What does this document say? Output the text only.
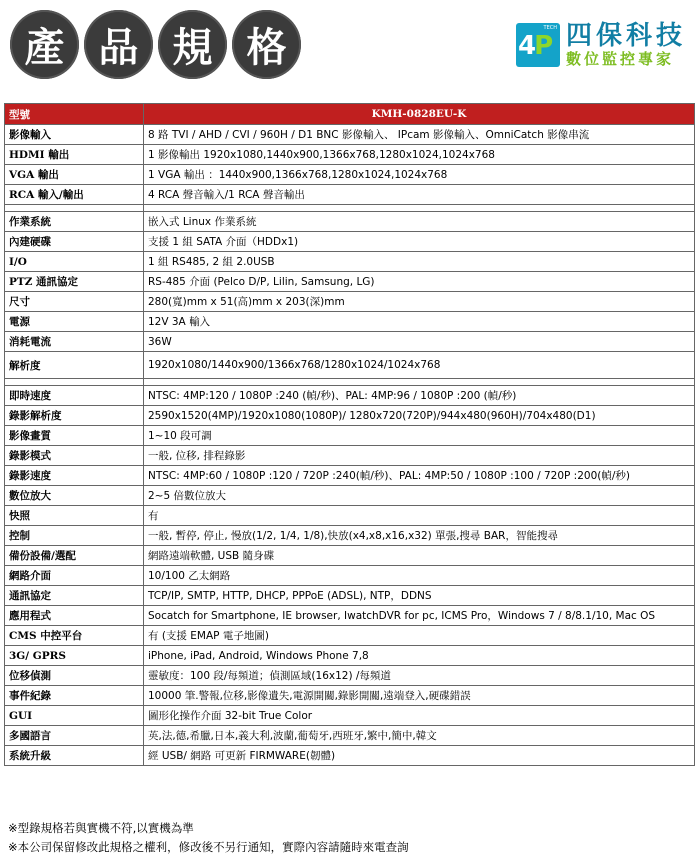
產 品 規 格	TECH
4P 四保科技
數位監控專家
型號	KMH-0828EU-K
影像輸入	8 路 TVI / AHD / CVI / 960H / D1 BNC 影像輸入、 IPcam 影像輸入、OmniCatch 影像串流
HDMI 輸出	1 影像輸出 1920x1080,1440x900,1366x768,1280x1024,1024x768
VGA 輸出	1 VGA 輸出 ：1440x900,1366x768,1280x1024,1024x768
RCA 輸入/輸出	4 RCA 聲音輸入/1 RCA 聲音輸出

作業系統	嵌入式 Linux 作業系統
內建硬碟	支援 1 組 SATA 介面（HDDx1)
I/O	1 組 RS485, 2 組 2.0USB
PTZ 通訊協定	RS-485 介面 (Pelco D/P, Lilin, Samsung, LG)
尺寸	280(寬)mm x 51(高)mm x 203(深)mm
電源	12V 3A 輸入
消耗電流	36W
解析度	1920x1080/1440x900/1366x768/1280x1024/1024x768

即時速度	NTSC: 4MP:120 / 1080P :240 (幀/秒)、PAL: 4MP:96 / 1080P :200 (幀/秒)
錄影解析度	2590x1520(4MP)/1920x1080(1080P)/ 1280x720(720P)/944x480(960H)/704x480(D1)
影像畫質	1~10 段可調
錄影模式	一般, 位移, 排程錄影
錄影速度	NTSC: 4MP:60 / 1080P :120 / 720P :240(幀/秒)、PAL: 4MP:50 / 1080P :100 / 720P :200(幀/秒)
數位放大	2~5 倍數位放大
快照	有
控制	一般, 暫停, 停止, 慢放(1/2, 1/4, 1/8),快放(x4,x8,x16,x32) 單張,搜尋 BAR，智能搜尋
備份設備/選配	網路遠端軟體, USB 隨身碟
網路介面	10/100 乙太網路
通訊協定	TCP/IP, SMTP, HTTP, DHCP, PPPoE (ADSL), NTP，DDNS
應用程式	Socatch for Smartphone, IE browser, IwatchDVR for pc, ICMS Pro，Windows 7 / 8/8.1/10, Mac OS
CMS 中控平台	有 (支援 EMAP 電子地圖)
3G/ GPRS	iPhone, iPad, Android, Windows Phone 7,8
位移偵測	靈敏度：100 段/每頻道；偵測區域(16x12) /每頻道
事件紀錄	10000 筆.警報,位移,影像遺失,電源開關,錄影開關,遠端登入,硬碟錯誤
GUI	圖形化操作介面 32-bit True Color
多國語言	英,法,德,希臘,日本,義大利,波蘭,葡萄牙,西班牙,繁中,簡中,韓文
系統升級	經 USB/ 網路 可更新 FIRMWARE(韌體)
※型錄規格若與實機不符,以實機為準
※本公司保留修改此規格之權利，修改後不另行通知，實際內容請隨時來電查詢
